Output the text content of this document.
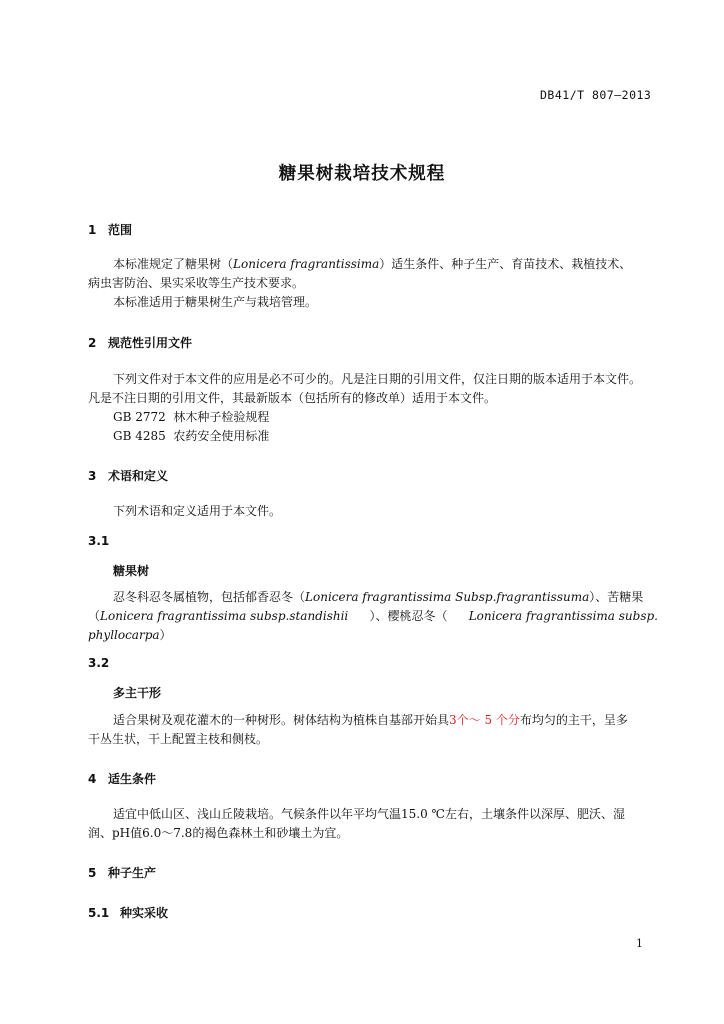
DB41/T 807—2013
糖果树栽培技术规程
1 范围
本标准规定了糖果树（Lonicera fragrantissima）适生条件、种子生产、育苗技术、栽植技术、
病虫害防治、果实采收等生产技术要求。
本标准适用于糖果树生产与栽培管理。
2 规范性引用文件
下列文件对于本文件的应用是必不可少的。凡是注日期的引用文件，仅注日期的版本适用于本文件。
凡是不注日期的引用文件，其最新版本（包括所有的修改单）适用于本文件。
GB 2772  林木种子检验规程
GB 4285  农药安全使用标准
3 术语和定义
下列术语和定义适用于本文件。
3.1
糖果树
忍冬科忍冬属植物，包括郁香忍冬（Lonicera fragrantissima Subsp.fragrantissuma）、苦糖果
（Lonicera fragrantissima subsp.standishii ）、樱桃忍冬（ Lonicera fragrantissima subsp.
phyllocarpa）
3.2
多主干形
适合果树及观花灌木的一种树形。树体结构为植株自基部开始具3个～ 5 个分布均匀的主干，呈多
干丛生状，干上配置主枝和侧枝。
4 适生条件
适宜中低山区、浅山丘陵栽培。气候条件以年平均气温15.0 ℃左右，土壤条件以深厚、肥沃、湿
润、pH值6.0～7.8的褐色森林土和砂壤土为宜。
5 种子生产
5.1 种实采收
1
